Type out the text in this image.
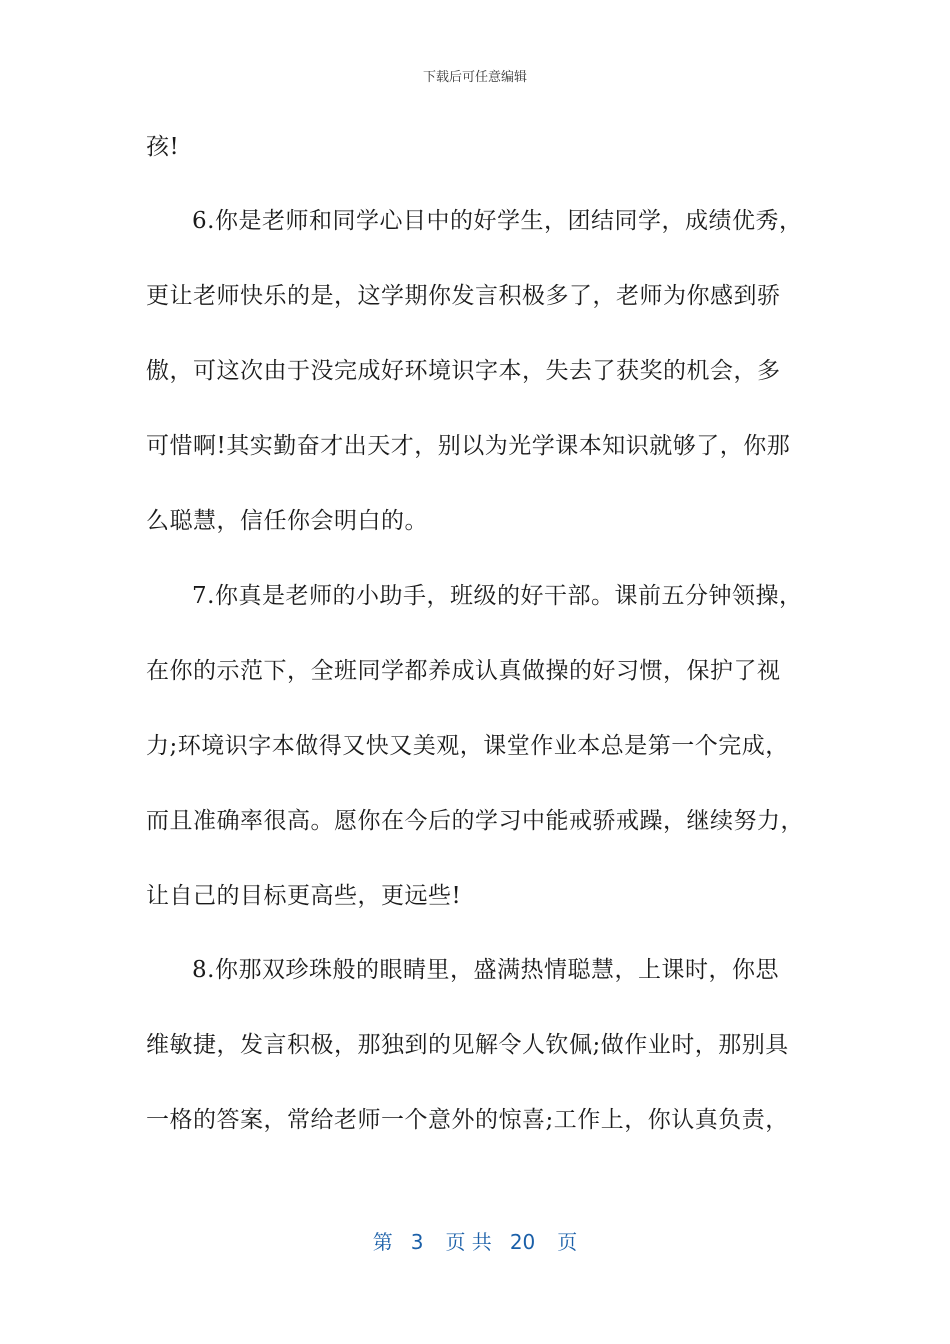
下载后可任意编辑
孩!
6.你是老师和同学心目中的好学生，团结同学，成绩优秀，
更让老师快乐的是，这学期你发言积极多了，老师为你感到骄
傲，可这次由于没完成好环境识字本，失去了获奖的机会，多
可惜啊!其实勤奋才出天才，别以为光学课本知识就够了，你那
么聪慧，信任你会明白的。
7.你真是老师的小助手，班级的好干部。课前五分钟领操，
在你的示范下，全班同学都养成认真做操的好习惯，保护了视
力;环境识字本做得又快又美观，课堂作业本总是第一个完成，
而且准确率很高。愿你在今后的学习中能戒骄戒躁，继续努力，
让自己的目标更高些，更远些!
8.你那双珍珠般的眼睛里，盛满热情聪慧，上课时，你思
维敏捷，发言积极，那独到的见解令人钦佩;做作业时，那别具
一格的答案，常给老师一个意外的惊喜;工作上，你认真负责，
第 3 页 共 20 页
